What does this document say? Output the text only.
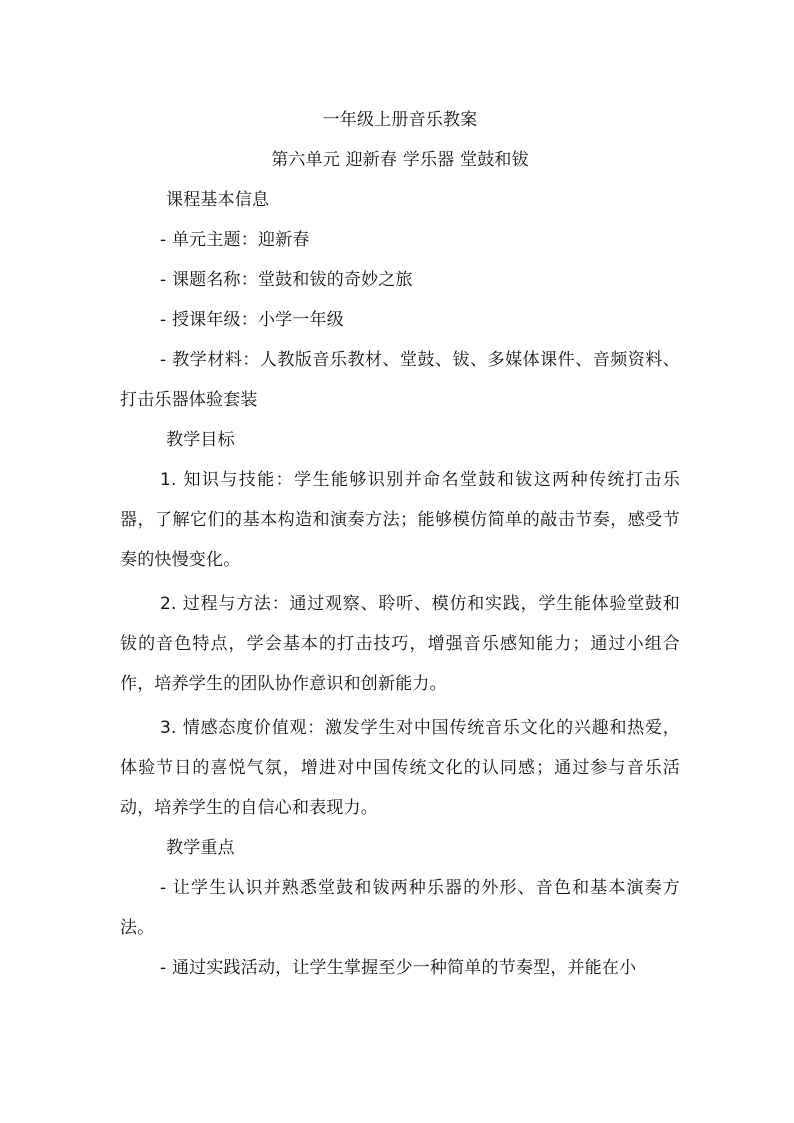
一年级上册音乐教案
第六单元 迎新春 学乐器 堂鼓和钹
课程基本信息

- 单元主题：迎新春

- 课题名称：堂鼓和钹的奇妙之旅

- 授课年级：小学一年级

- 教学材料：人教版音乐教材、堂鼓、钹、多媒体课件、音频资料、打击乐器体验套装

教学目标

1. 知识与技能：学生能够识别并命名堂鼓和钹这两种传统打击乐器，了解它们的基本构造和演奏方法；能够模仿简单的敲击节奏，感受节奏的快慢变化。

2. 过程与方法：通过观察、聆听、模仿和实践，学生能体验堂鼓和钹的音色特点，学会基本的打击技巧，增强音乐感知能力；通过小组合作，培养学生的团队协作意识和创新能力。

3. 情感态度价值观：激发学生对中国传统音乐文化的兴趣和热爱，体验节日的喜悦气氛，增进对中国传统文化的认同感；通过参与音乐活动，培养学生的自信心和表现力。

教学重点

- 让学生认识并熟悉堂鼓和钹两种乐器的外形、音色和基本演奏方法。

- 通过实践活动，让学生掌握至少一种简单的节奏型，并能在小
